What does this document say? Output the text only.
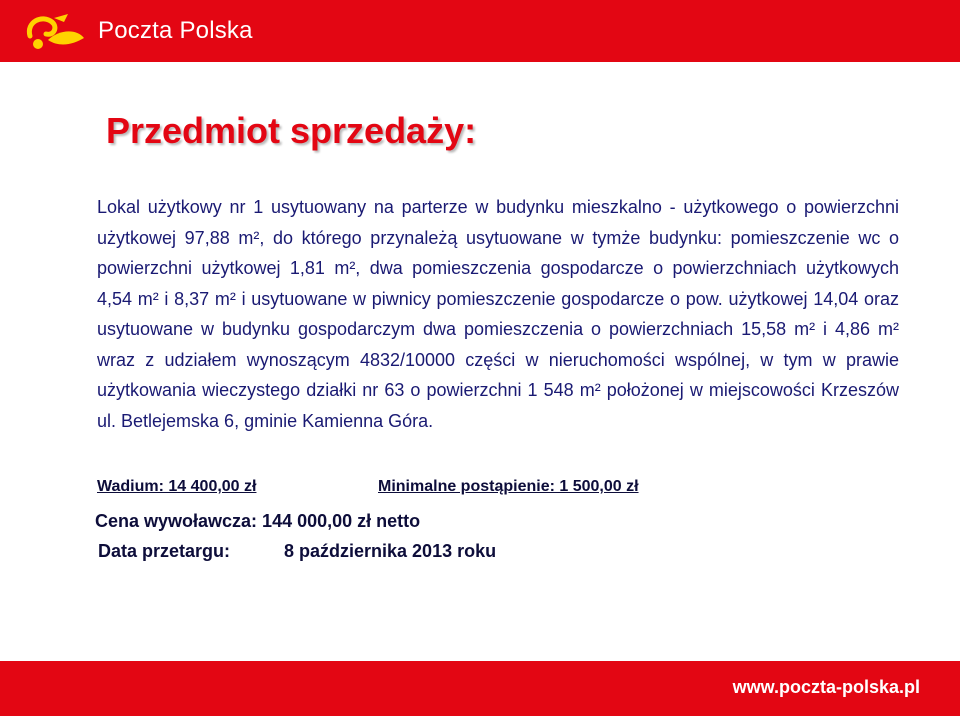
Poczta Polska
Przedmiot sprzedaży:
Lokal użytkowy nr 1 usytuowany na parterze w budynku mieszkalno - użytkowego o powierzchni użytkowej 97,88 m², do którego przynależą usytuowane w tymże budynku: pomieszczenie wc o powierzchni użytkowej 1,81 m², dwa pomieszczenia gospodarcze o powierzchniach użytkowych 4,54 m² i 8,37 m² i usytuowane w piwnicy pomieszczenie gospodarcze o pow. użytkowej 14,04 oraz usytuowane w budynku gospodarczym dwa pomieszczenia o powierzchniach 15,58 m² i 4,86 m² wraz z udziałem wynoszącym 4832/10000 części w nieruchomości wspólnej, w tym w prawie użytkowania wieczystego działki nr 63 o powierzchni 1 548 m² położonej w miejscowości Krzeszów ul. Betlejemska 6, gminie Kamienna Góra.
Wadium: 14 400,00 zł	Minimalne postąpienie: 1 500,00 zł
Cena wywoławcza: 144 000,00 zł netto
Data przetargu:	8 października 2013 roku
www.poczta-polska.pl
